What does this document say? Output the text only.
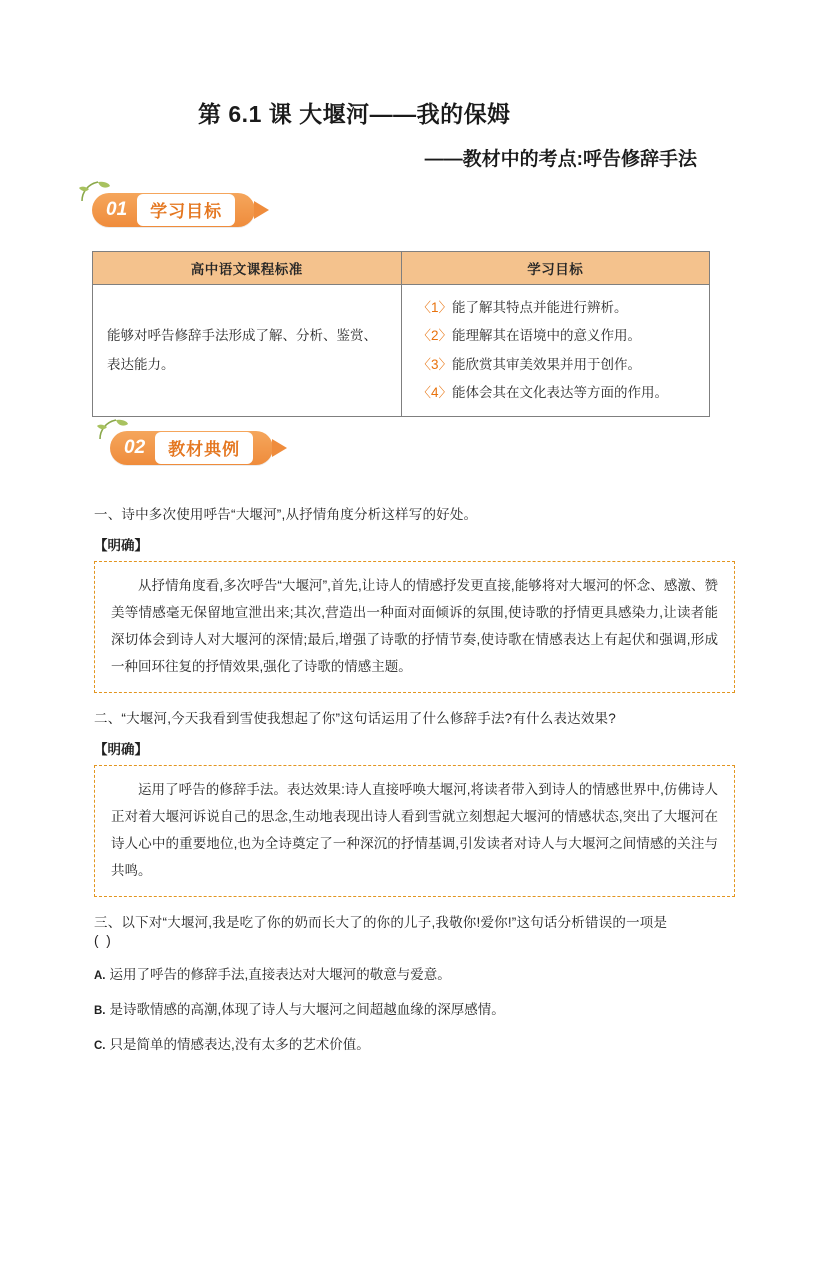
第 6.1 课 大堰河——我的保姆
——教材中的考点:呼告修辞手法
01	学习目标
高中语文课程标准	学习目标
能够对呼告修辞手法形成了解、分析、鉴赏、表达能力。	〈1〉能了解其特点并能进行辨析。
〈2〉能理解其在语境中的意义作用。
〈3〉能欣赏其审美效果并用于创作。
〈4〉能体会其在文化表达等方面的作用。
02	教材典例
一、诗中多次使用呼告“大堰河”,从抒情角度分析这样写的好处。
【明确】

从抒情角度看,多次呼告“大堰河”,首先,让诗人的情感抒发更直接,能够将对大堰河的怀念、感激、赞美等情感毫无保留地宣泄出来;其次,营造出一种面对面倾诉的氛围,使诗歌的抒情更具感染力,让读者能深切体会到诗人对大堰河的深情;最后,增强了诗歌的抒情节奏,使诗歌在情感表达上有起伏和强调,形成一种回环往复的抒情效果,强化了诗歌的情感主题。

二、“大堰河,今天我看到雪使我想起了你”这句话运用了什么修辞手法?有什么表达效果?
【明确】

运用了呼告的修辞手法。表达效果:诗人直接呼唤大堰河,将读者带入到诗人的情感世界中,仿佛诗人正对着大堰河诉说自己的思念,生动地表现出诗人看到雪就立刻想起大堰河的情感状态,突出了大堰河在诗人心中的重要地位,也为全诗奠定了一种深沉的抒情基调,引发读者对诗人与大堰河之间情感的关注与共鸣。

三、以下对“大堰河,我是吃了你的奶而长大了的你的儿子,我敬你!爱你!”这句话分析错误的一项是
( )
A. 运用了呼告的修辞手法,直接表达对大堰河的敬意与爱意。
B. 是诗歌情感的高潮,体现了诗人与大堰河之间超越血缘的深厚感情。
C. 只是简单的情感表达,没有太多的艺术价值。
